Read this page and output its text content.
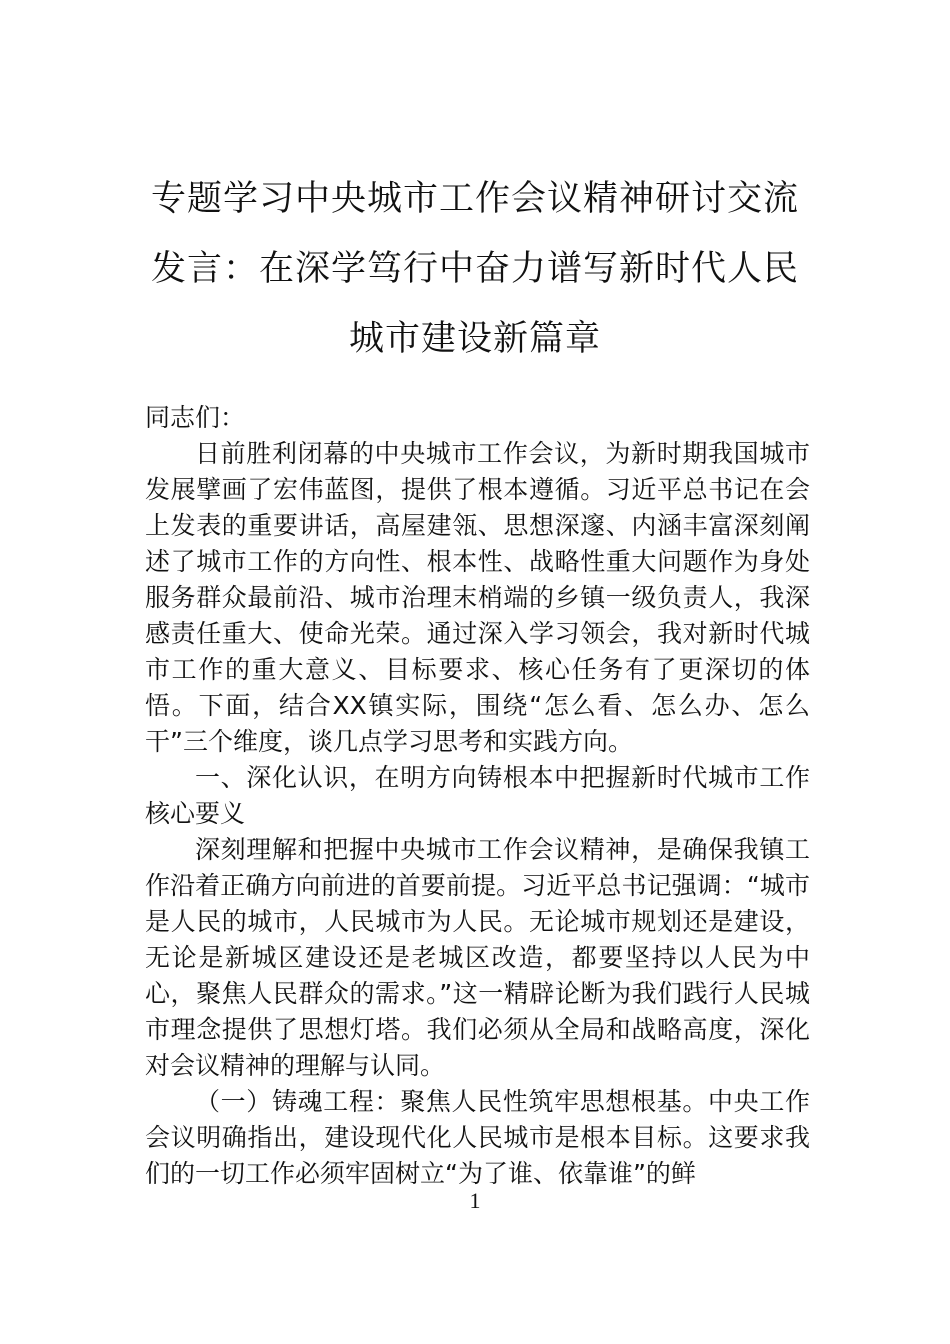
专题学习中央城市工作会议精神研讨交流
发言：在深学笃行中奋力谱写新时代人民
城市建设新篇章

同志们：

日前胜利闭幕的中央城市工作会议，为新时期我国城市发展擘画了宏伟蓝图，提供了根本遵循。习近平总书记在会上发表的重要讲话，高屋建瓴、思想深邃、内涵丰富深刻阐述了城市工作的方向性、根本性、战略性重大问题作为身处服务群众最前沿、城市治理末梢端的乡镇一级负责人，我深感责任重大、使命光荣。通过深入学习领会，我对新时代城市工作的重大意义、目标要求、核心任务有了更深切的体悟。下面，结合XX镇实际，围绕“怎么看、怎么办、怎么干”三个维度，谈几点学习思考和实践方向。

一、深化认识，在明方向铸根本中把握新时代城市工作核心要义

深刻理解和把握中央城市工作会议精神，是确保我镇工作沿着正确方向前进的首要前提。习近平总书记强调：“城市是人民的城市，人民城市为人民。无论城市规划还是建设，无论是新城区建设还是老城区改造，都要坚持以人民为中心，聚焦人民群众的需求。”这一精辟论断为我们践行人民城市理念提供了思想灯塔。我们必须从全局和战略高度，深化对会议精神的理解与认同。

（一）铸魂工程：聚焦人民性筑牢思想根基。中央工作会议明确指出，建设现代化人民城市是根本目标。这要求我们的一切工作必须牢固树立“为了谁、依靠谁”的鲜

1
